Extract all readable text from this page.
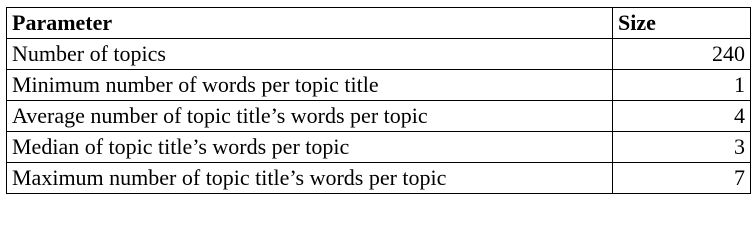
Parameter	Size
Number of topics	240
Minimum number of words per topic title	1
Average number of topic title’s words per topic	4
Median of topic title’s words per topic	3
Maximum number of topic title’s words per topic	7
